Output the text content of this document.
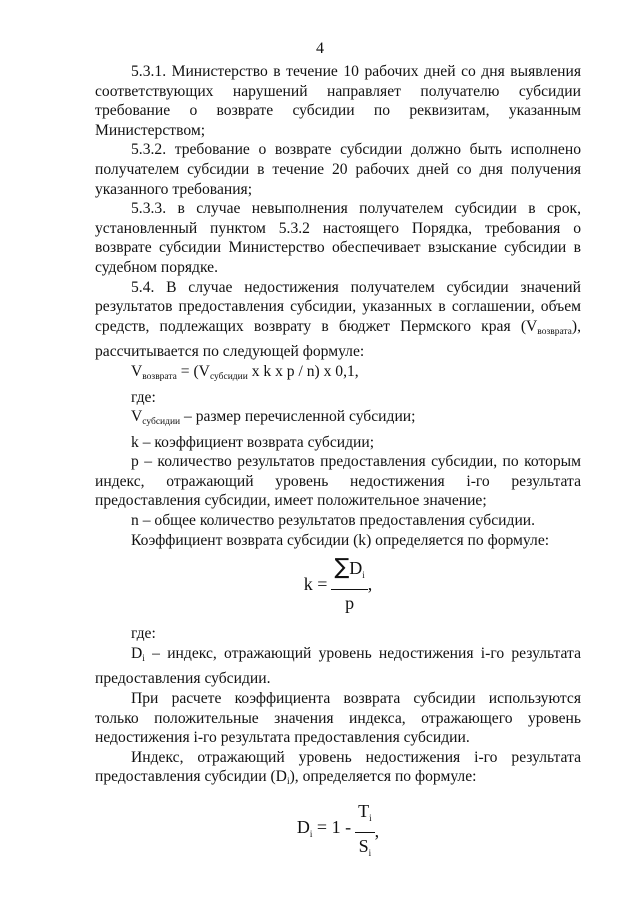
4

5.3.1. Министерство в течение 10 рабочих дней со дня выявления соответствующих нарушений направляет получателю субсидии требование о возврате субсидии по реквизитам, указанным Министерством;

5.3.2. требование о возврате субсидии должно быть исполнено получателем субсидии в течение 20 рабочих дней со дня получения указанного требования;

5.3.3. в случае невыполнения получателем субсидии в срок, установленный пунктом 5.3.2 настоящего Порядка, требования о возврате субсидии Министерство обеспечивает взыскание субсидии в судебном порядке.

5.4. В случае недостижения получателем субсидии значений результатов предоставления субсидии, указанных в соглашении, объем средств, подлежащих возврату в бюджет Пермского края $(V_{возврата})$, рассчитывается по следующей формуле:

$V_{возврата} = (V_{субсидии}$ x k x p / n) x 0,1,

где:

$V_{субсидии}$ – размер перечисленной субсидии;

k – коэффициент возврата субсидии;

p – количество результатов предоставления субсидии, по которым индекс, отражающий уровень недостижения i-го результата предоставления субсидии, имеет положительное значение;

n – общее количество результатов предоставления субсидии.

Коэффициент возврата субсидии (k) определяется по формуле:

$k = \frac{\sum D_i}{p}$ ,

где:

$D_i$ – индекс, отражающий уровень недостижения i-го результата предоставления субсидии.

При расчете коэффициента возврата субсидии используются только положительные значения индекса, отражающего уровень недостижения i-го результата предоставления субсидии.

Индекс, отражающий уровень недостижения i-го результата предоставления субсидии $(D_i)$, определяется по формуле:

$D_i = 1 - \frac{T_i}{S_i}$ ,
